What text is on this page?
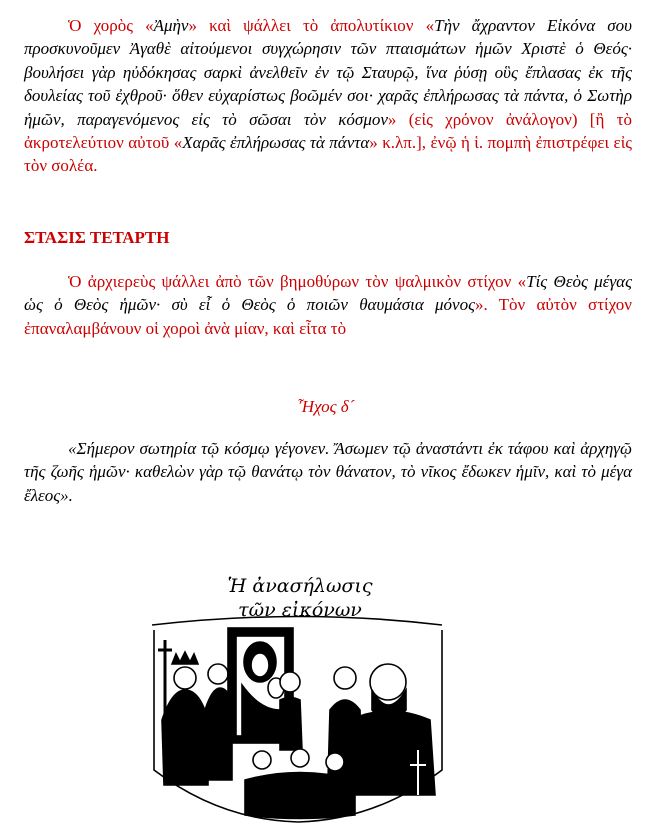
Ὁ χορὸς «Ἀμὴν» καὶ ψάλλει τὸ ἀπολυτίκιον «Τὴν ἄχραντον Εἰκόνα σου προσκυνοῦμεν Ἀγαθὲ αἰτούμενοι συγχώρησιν τῶν πταισμάτων ἡμῶν Χριστὲ ὁ Θεός· βουλήσει γὰρ ηὐδόκησας σαρκὶ ἀνελθεῖν ἐν τῷ Σταυρῷ, ἵνα ῥύσῃ οὓς ἔπλασας ἐκ τῆς δουλείας τοῦ ἐχθροῦ· ὅθεν εὐχαρίστως βοῶμέν σοι· χαρᾶς ἐπλήρωσας τὰ πάντα, ὁ Σωτὴρ ἡμῶν, παραγενόμενος εἰς τὸ σῶσαι τὸν κόσμον» (εἰς χρόνον ἀνάλογον) [ἢ τὸ ἀκροτελεύτιον αὐτοῦ «Χαρᾶς ἐπλήρωσας τὰ πάντα» κ.λπ.], ἐνῷ ἡ ἱ. πομπὴ ἐπιστρέφει εἰς τὸν σολέα.

ΣΤΑΣΙΣ ΤΕΤΑΡΤΗ

Ὁ ἀρχιερεὺς ψάλλει ἀπὸ τῶν βημοθύρων τὸν ψαλμικὸν στίχον «Τίς Θεὸς μέγας ὡς ὁ Θεὸς ἡμῶν· σὺ εἶ ὁ Θεὸς ὁ ποιῶν θαυμάσια μόνος». Τὸν αὐτὸν στίχον ἐπαναλαμβάνουν οἱ χοροὶ ἀνὰ μίαν, καὶ εἶτα τὸ

Ἦχος δ´

«Σήμερον σωτηρία τῷ κόσμῳ γέγονεν. Ἄσωμεν τῷ ἀναστάντι ἐκ τάφου καὶ ἀρχηγῷ τῆς ζωῆς ἡμῶν· καθελὼν γὰρ τῷ θανάτῳ τὸν θάνατον, τὸ νῖκος ἔδωκεν ἡμῖν, καὶ τὸ μέγα ἔλεος».

Ἡ ἀνασήλωσις
τῶν εἰκόνων
